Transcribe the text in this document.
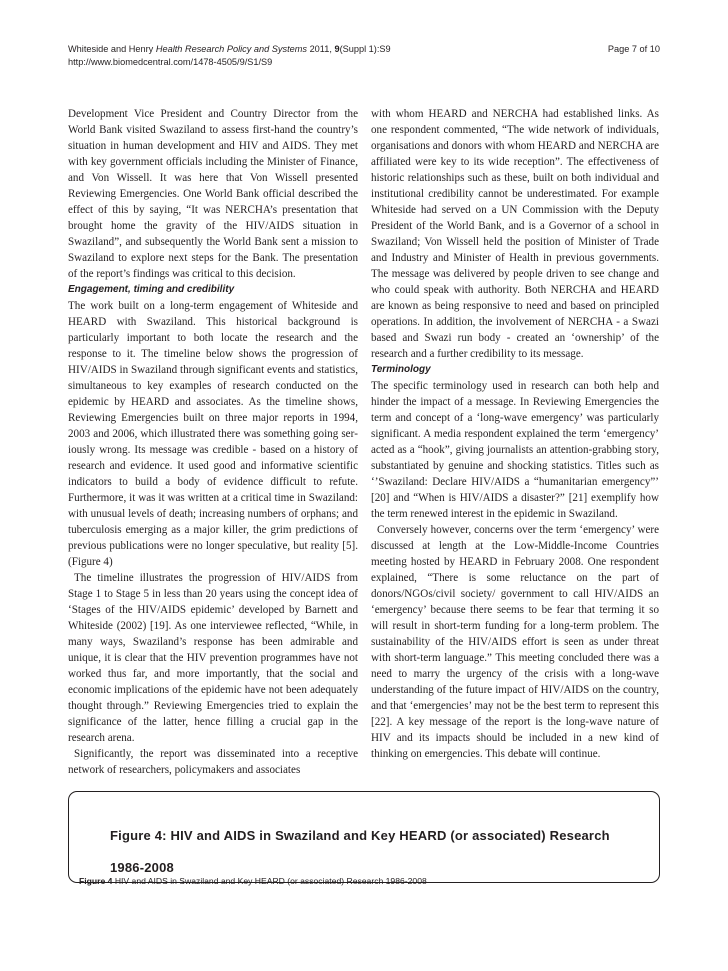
Whiteside and Henry Health Research Policy and Systems 2011, 9(Suppl 1):S9	Page 7 of 10
http://www.biomedcentral.com/1478-4505/9/S1/S9

Development Vice President and Country Director from the World Bank visited Swaziland to assess first-hand the country’s situation in human development and HIV and AIDS. They met with key government officials including the Minister of Finance, and Von Wissell. It was here that Von Wissell presented Reviewing Emergencies. One World Bank official described the effect of this by saying, “It was NERCHA’s presentation that brought home the gravity of the HIV/AIDS situation in Swaziland”, and subsequently the World Bank sent a mission to Swaziland to explore next steps for the Bank. The presentation of the report’s findings was critical to this decision.

Engagement, timing and credibility

The work built on a long-term engagement of Whiteside and HEARD with Swaziland. This historical background is particularly important to both locate the research and the response to it. The timeline below shows the progression of HIV/AIDS in Swaziland through significant events and statistics, simultaneous to key examples of research conducted on the epidemic by HEARD and associates. As the timeline shows, Reviewing Emergencies built on three major reports in 1994, 2003 and 2006, which illustrated there was something going seriously wrong. Its message was credible - based on a history of research and evidence. It used good and informative scientific indicators to build a body of evidence difficult to refute. Furthermore, it was it was written at a critical time in Swaziland: with unusual levels of death; increasing numbers of orphans; and tuberculosis emerging as a major killer, the grim predictions of previous publications were no longer speculative, but reality [5]. (Figure 4)

The timeline illustrates the progression of HIV/AIDS from Stage 1 to Stage 5 in less than 20 years using the concept idea of ‘Stages of the HIV/AIDS epidemic’ developed by Barnett and Whiteside (2002) [19]. As one interviewee reflected, “While, in many ways, Swaziland’s response has been admirable and unique, it is clear that the HIV prevention programmes have not worked thus far, and more importantly, that the social and economic implications of the epidemic have not been adequately thought through.” Reviewing Emergencies tried to explain the significance of the latter, hence filling a crucial gap in the research arena.

Significantly, the report was disseminated into a receptive network of researchers, policymakers and associates

with whom HEARD and NERCHA had established links. As one respondent commented, “The wide network of individuals, organisations and donors with whom HEARD and NERCHA are affiliated were key to its wide reception”. The effectiveness of historic relationships such as these, built on both individual and institutional credibility cannot be underestimated. For example Whiteside had served on a UN Commission with the Deputy President of the World Bank, and is a Governor of a school in Swaziland; Von Wissell held the position of Minister of Trade and Industry and Minister of Health in previous governments. The message was delivered by people driven to see change and who could speak with authority. Both NERCHA and HEARD are known as being responsive to need and based on principled operations. In addition, the involvement of NERCHA - a Swazi based and Swazi run body - created an ‘ownership’ of the research and a further credibility to its message.

Terminology

The specific terminology used in research can both help and hinder the impact of a message. In Reviewing Emergencies the term and concept of a ‘long-wave emergency’ was particularly significant. A media respondent explained the term ‘emergency’ acted as a “hook”, giving journalists an attention-grabbing story, substantiated by genuine and shocking statistics. Titles such as ‘’Swaziland: Declare HIV/AIDS a “humanitarian emergency”’ [20] and “When is HIV/AIDS a disaster?” [21] exemplify how the term renewed interest in the epidemic in Swaziland.

Conversely however, concerns over the term ‘emergency’ were discussed at length at the Low-Middle-Income Countries meeting hosted by HEARD in February 2008. One respondent explained, “There is some reluctance on the part of donors/NGOs/civil society/ government to call HIV/AIDS an ‘emergency’ because there seems to be fear that terming it so will result in short-term funding for a long-term problem. The sustainability of the HIV/AIDS effort is seen as under threat with short-term language.” This meeting concluded there was a need to marry the urgency of the crisis with a long-wave understanding of the future impact of HIV/AIDS on the country, and that ‘emergencies’ may not be the best term to represent this [22]. A key message of the report is the long-wave nature of HIV and its impacts should be included in a new kind of thinking on emergencies. This debate will continue.

Figure 4: HIV and AIDS in Swaziland and Key HEARD (or associated) Research
1986-2008
Figure 4 HIV and AIDS in Swaziland and Key HEARD (or associated) Research 1986-2008
